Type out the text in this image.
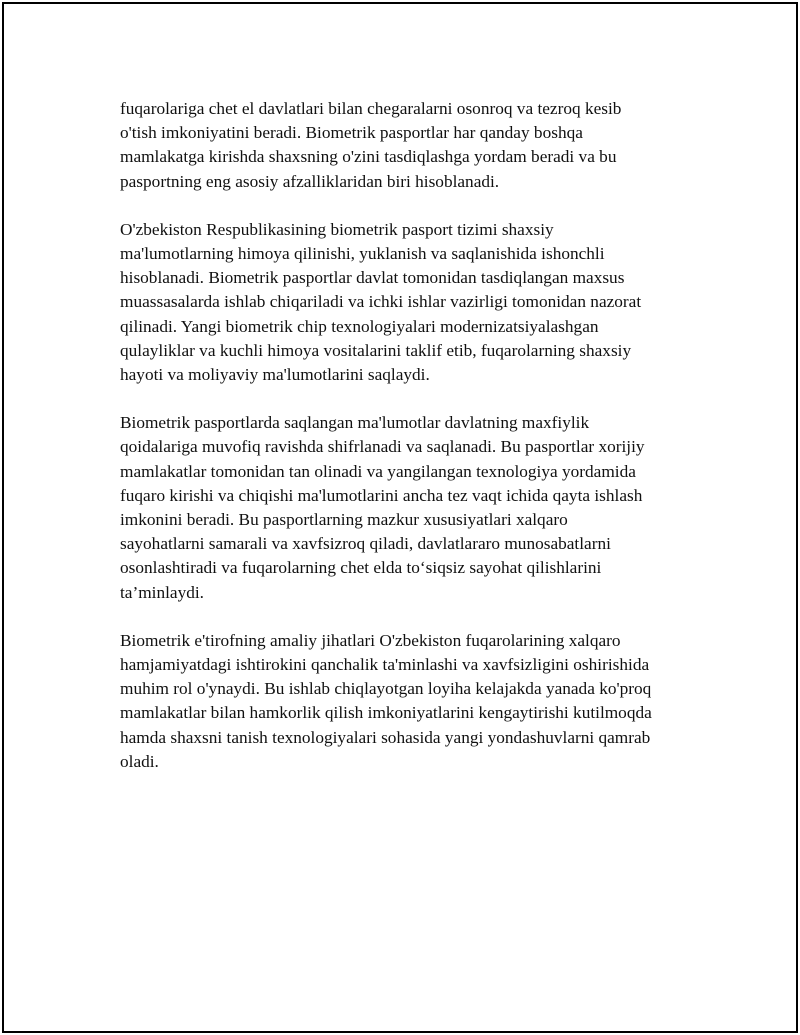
fuqarolariga chet el davlatlari bilan chegaralarni osonroq va tezroq kesib
o'tish imkoniyatini beradi. Biometrik pasportlar har qanday boshqa
mamlakatga kirishda shaxsning o'zini tasdiqlashga yordam beradi va bu
pasportning eng asosiy afzalliklaridan biri hisoblanadi.

O'zbekiston Respublikasining biometrik pasport tizimi shaxsiy
ma'lumotlarning himoya qilinishi, yuklanish va saqlanishida ishonchli
hisoblanadi. Biometrik pasportlar davlat tomonidan tasdiqlangan maxsus
muassasalarda ishlab chiqariladi va ichki ishlar vazirligi tomonidan nazorat
qilinadi. Yangi biometrik chip texnologiyalari modernizatsiyalashgan
qulayliklar va kuchli himoya vositalarini taklif etib, fuqarolarning shaxsiy
hayoti va moliyaviy ma'lumotlarini saqlaydi.

Biometrik pasportlarda saqlangan ma'lumotlar davlatning maxfiylik
qoidalariga muvofiq ravishda shifrlanadi va saqlanadi. Bu pasportlar xorijiy
mamlakatlar tomonidan tan olinadi va yangilangan texnologiya yordamida
fuqaro kirishi va chiqishi ma'lumotlarini ancha tez vaqt ichida qayta ishlash
imkonini beradi. Bu pasportlarning mazkur xususiyatlari xalqaro
sayohatlarni samarali va xavfsizroq qiladi, davlatlararo munosabatlarni
osonlashtiradi va fuqarolarning chet elda to‘siqsiz sayohat qilishlarini
ta’minlaydi.

Biometrik e'tirofning amaliy jihatlari O'zbekiston fuqarolarining xalqaro
hamjamiyatdagi ishtirokini qanchalik ta'minlashi va xavfsizligini oshirishida
muhim rol o'ynaydi. Bu ishlab chiqlayotgan loyiha kelajakda yanada ko'proq
mamlakatlar bilan hamkorlik qilish imkoniyatlarini kengaytirishi kutilmoqda
hamda shaxsni tanish texnologiyalari sohasida yangi yondashuvlarni qamrab
oladi.
